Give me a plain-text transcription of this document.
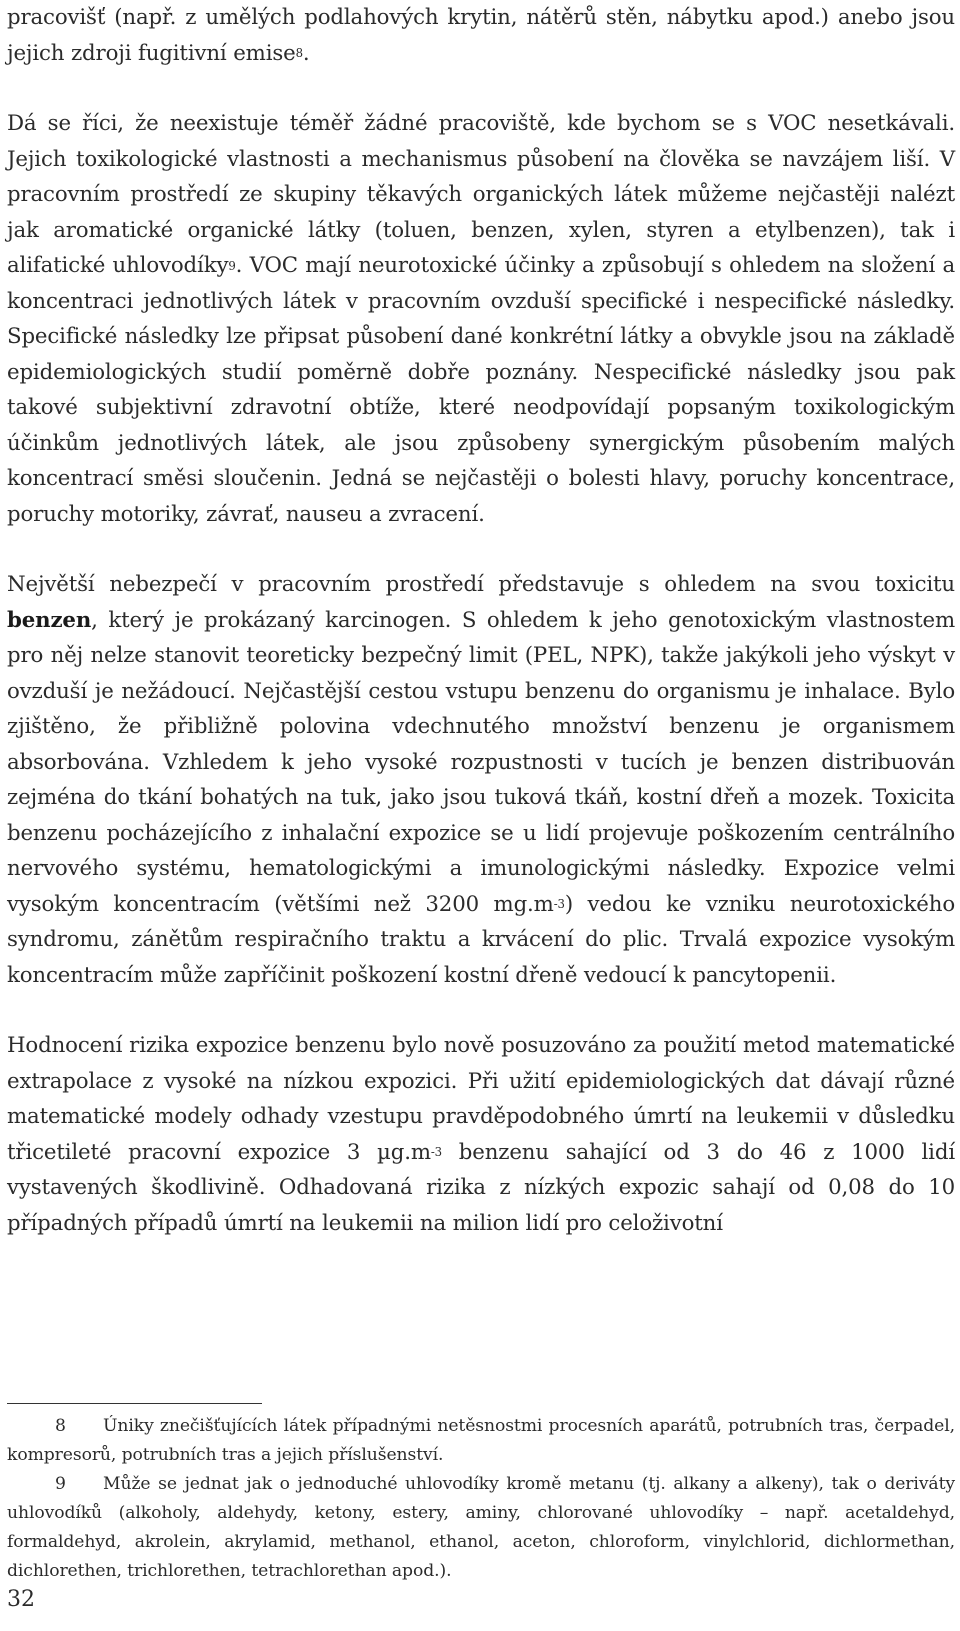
pracovišť (např. z umělých podlahových krytin, nátěrů stěn, nábytku apod.) anebo jsou jejich zdroji fugitivní emise$^8$.

Dá se říci, že neexistuje téměř žádné pracoviště, kde bychom se s VOC nesetkávali. Jejich toxikologické vlastnosti a mechanismus působení na člověka se navzájem liší. V pracovním prostředí ze skupiny těkavých organických látek můžeme nejčastěji nalézt jak aromatické organické látky (toluen, benzen, xylen, styren a etylbenzen), tak i alifatické uhlovodíky$^9$. VOC mají neurotoxické účinky a způsobují s ohledem na složení a koncentraci jednotlivých látek v pracovním ovzduší specifické i nespecifické následky. Specifické následky lze připsat působení dané konkrétní látky a obvykle jsou na základě epidemiologických studií poměrně dobře poznány. Nespecifické následky jsou pak takové subjektivní zdravotní obtíže, které neodpovídají popsaným toxikologickým účinkům jednotlivých látek, ale jsou způsobeny synergickým působením malých koncentrací směsi sloučenin. Jedná se nejčastěji o bolesti hlavy, poruchy koncentrace, poruchy motoriky, závrať, nauseu a zvracení.

Největší nebezpečí v pracovním prostředí představuje s ohledem na svou toxicitu benzen, který je prokázaný karcinogen. S ohledem k jeho genotoxickým vlastnostem pro něj nelze stanovit teoreticky bezpečný limit (PEL, NPK), takže jakýkoli jeho výskyt v ovzduší je nežádoucí. Nejčastější cestou vstupu benzenu do organismu je inhalace. Bylo zjištěno, že přibližně polovina vdechnutého množství benzenu je organismem absorbována. Vzhledem k jeho vysoké rozpustnosti v tucích je benzen distribuován zejména do tkání bohatých na tuk, jako jsou tuková tkáň, kostní dřeň a mozek. Toxicita benzenu pocházejícího z inhalační expozice se u lidí projevuje poškozením centrálního nervového systému, hematologickými a imunologickými následky. Expozice velmi vysokým koncentracím (většími než 3200 $mg.m^{-3}$) vedou ke vzniku neurotoxického syndromu, zánětům respiračního traktu a krvácení do plic. Trvalá expozice vysokým koncentracím může zapříčinit poškození kostní dřeně vedoucí k pancytopenii.

Hodnocení rizika expozice benzenu bylo nově posuzováno za použití metod matematické extrapolace z vysoké na nízkou expozici. Při užití epidemiologických dat dávají různé matematické modely odhady vzestupu pravděpodobného úmrtí na leukemii v důsledku třicetileté pracovní expozice 3 $\mu g.m^{-3}$ benzenu sahající od 3 do 46 z 1000 lidí vystavených škodlivině. Odhadovaná rizika z nízkých expozic sahají od 0,08 do 10 případných případů úmrtí na leukemii na milion lidí pro celoživotní

8 Úniky znečišťujících látek případnými netěsnostmi procesních aparátů, potrubních tras, čerpadel, kompresorů, potrubních tras a jejich příslušenství.

9 Může se jednat jak o jednoduché uhlovodíky kromě metanu (tj. alkany a alkeny), tak o deriváty uhlovodíků (alkoholy, aldehydy, ketony, estery, aminy, chlorované uhlovodíky – např. acetaldehyd, formaldehyd, akrolein, akrylamid, methanol, ethanol, aceton, chloroform, vinylchlorid, dichlormethan, dichlorethen, trichlorethen, tetrachlorethan apod.).

32
